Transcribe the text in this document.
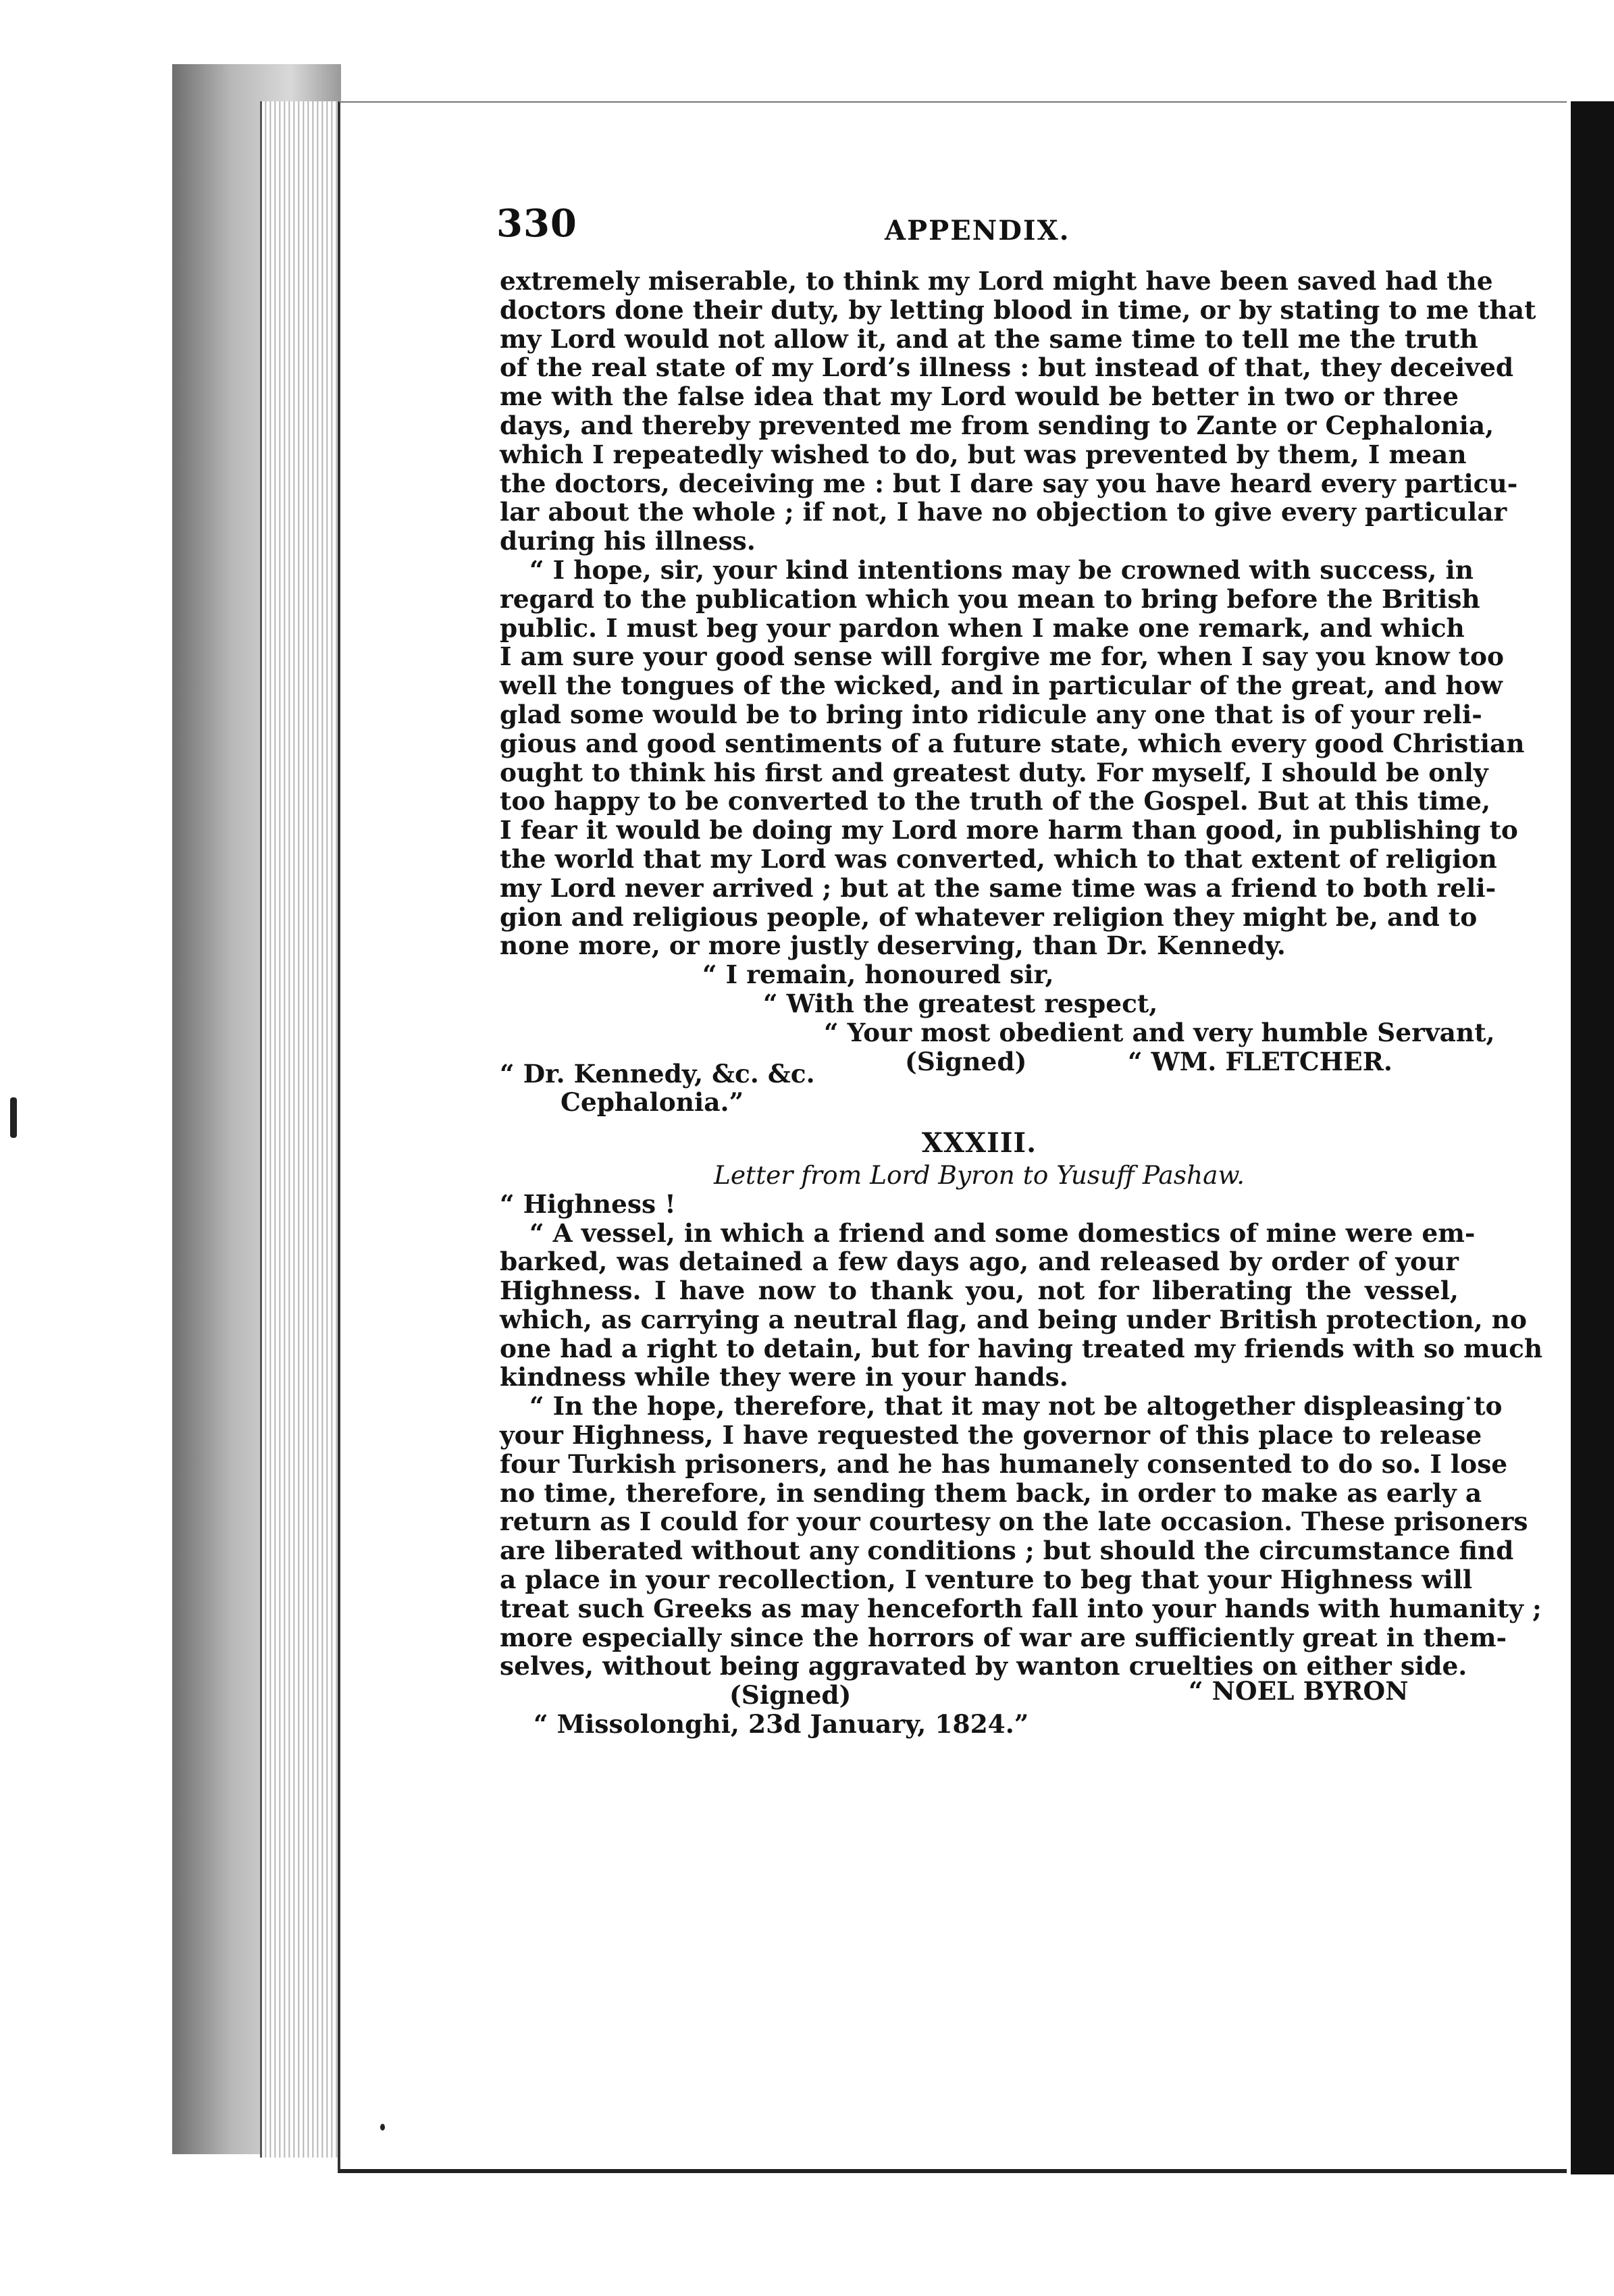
330	APPENDIX.
extremely miserable, to think my Lord might have been saved had the
doctors done their duty, by letting blood in time, or by stating to me that
my Lord would not allow it, and at the same time to tell me the truth
of the real state of my Lord’s illness : but instead of that, they deceived
me with the false idea that my Lord would be better in two or three
days, and thereby prevented me from sending to Zante or Cephalonia,
which I repeatedly wished to do, but was prevented by them, I mean
the doctors, deceiving me : but I dare say you have heard every particu-
lar about the whole ; if not, I have no objection to give every particular
during his illness.
“ I hope, sir, your kind intentions may be crowned with success, in
regard to the publication which you mean to bring before the British
public. I must beg your pardon when I make one remark, and which
I am sure your good sense will forgive me for, when I say you know too
well the tongues of the wicked, and in particular of the great, and how
glad some would be to bring into ridicule any one that is of your reli-
gious and good sentiments of a future state, which every good Christian
ought to think his first and greatest duty. For myself, I should be only
too happy to be converted to the truth of the Gospel. But at this time,
I fear it would be doing my Lord more harm than good, in publishing to
the world that my Lord was converted, which to that extent of religion
my Lord never arrived ; but at the same time was a friend to both reli-
gion and religious people, of whatever religion they might be, and to
none more, or more justly deserving, than Dr. Kennedy.
“ I remain, honoured sir,
“ With the greatest respect,
“ Your most obedient and very humble Servant,
“ Dr. Kennedy, &c. &c.	(Signed)	“ WM. FLETCHER.
Cephalonia.”
XXXIII.
Letter from Lord Byron to Yusuff Pashaw.
“ Highness !
“ A vessel, in which a friend and some domestics of mine were em-
barked, was detained a few days ago, and released by order of your
Highness. I have now to thank you, not for liberating the vessel,
which, as carrying a neutral flag, and being under British protection, no
one had a right to detain, but for having treated my friends with so much
kindness while they were in your hands.
“ In the hope, therefore, that it may not be altogether displeasing to
your Highness, I have requested the governor of this place to release
four Turkish prisoners, and he has humanely consented to do so. I lose
no time, therefore, in sending them back, in order to make as early a
return as I could for your courtesy on the late occasion. These prisoners
are liberated without any conditions ; but should the circumstance find
a place in your recollection, I venture to beg that your Highness will
treat such Greeks as may henceforth fall into your hands with humanity ;
more especially since the horrors of war are sufficiently great in them-
selves, without being aggravated by wanton cruelties on either side.
(Signed)	“ NOEL BYRON
“ Missolonghi, 23d January, 1824.”
